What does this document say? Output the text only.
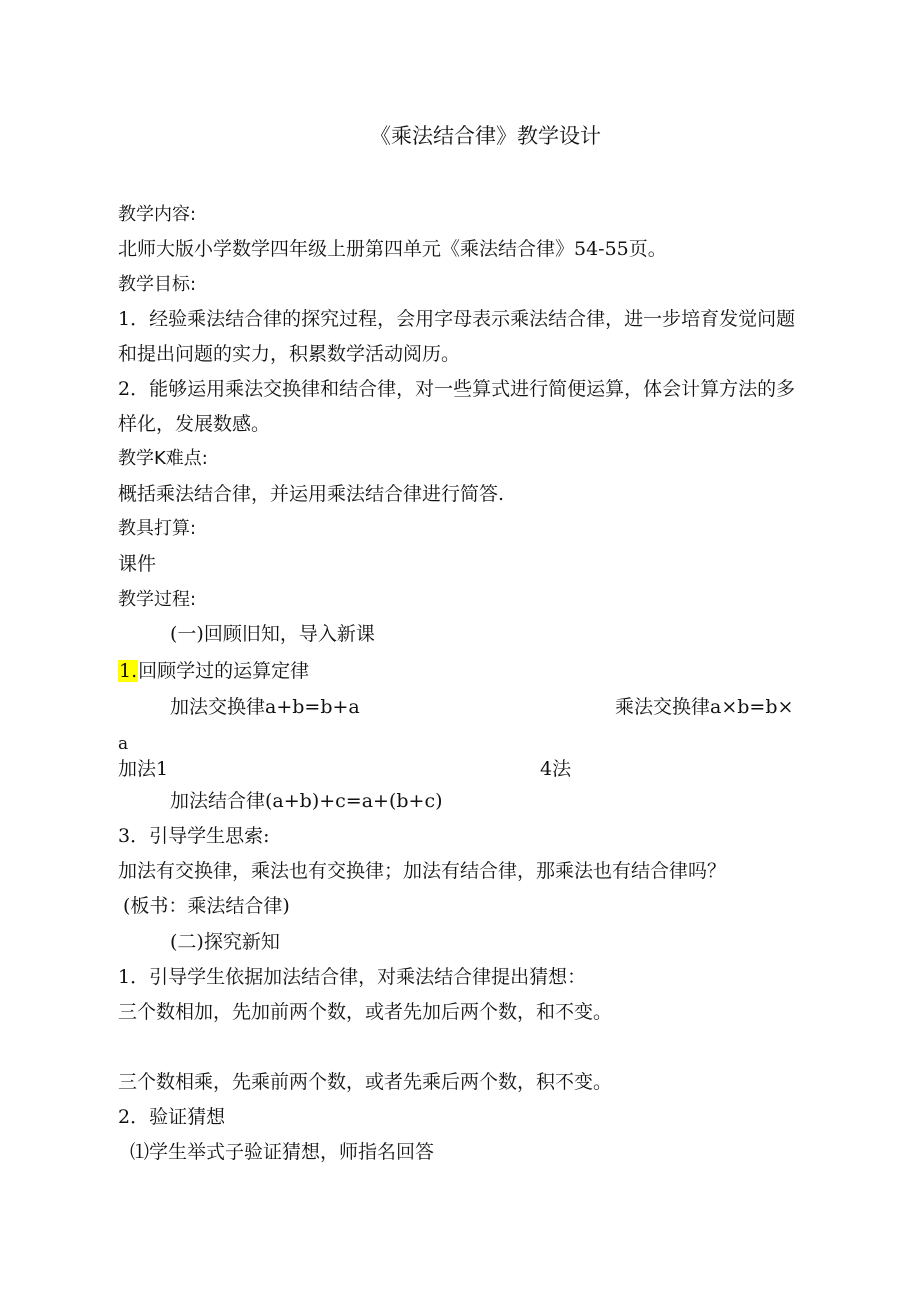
《乘法结合律》教学设计
教学内容:
北师大版小学数学四年级上册第四单元《乘法结合律》54-55页。
教学目标:
1．经验乘法结合律的探究过程，会用字母表示乘法结合律，进一步培育发觉问题
和提出问题的实力，积累数学活动阅历。
2．能够运用乘法交换律和结合律，对一些算式进行简便运算，体会计算方法的多
样化，发展数感。
教学K难点:
概括乘法结合律，并运用乘法结合律进行简答.
教具打算:
课件
教学过程:
(一)回顾旧知，导入新课
1.回顾学过的运算定律
加法交换律a+b=b+a	乘法交换律a×b=b×
a
加法1	4法
加法结合律(a+b)+c=a+(b+c)
3．引导学生思索:
加法有交换律，乘法也有交换律；加法有结合律，那乘法也有结合律吗？
(板书：乘法结合律)
(二)探究新知
1．引导学生依据加法结合律，对乘法结合律提出猜想：
三个数相加，先加前两个数，或者先加后两个数，和不变。
三个数相乘，先乘前两个数，或者先乘后两个数，积不变。
2．验证猜想
⑴学生举式子验证猜想，师指名回答
